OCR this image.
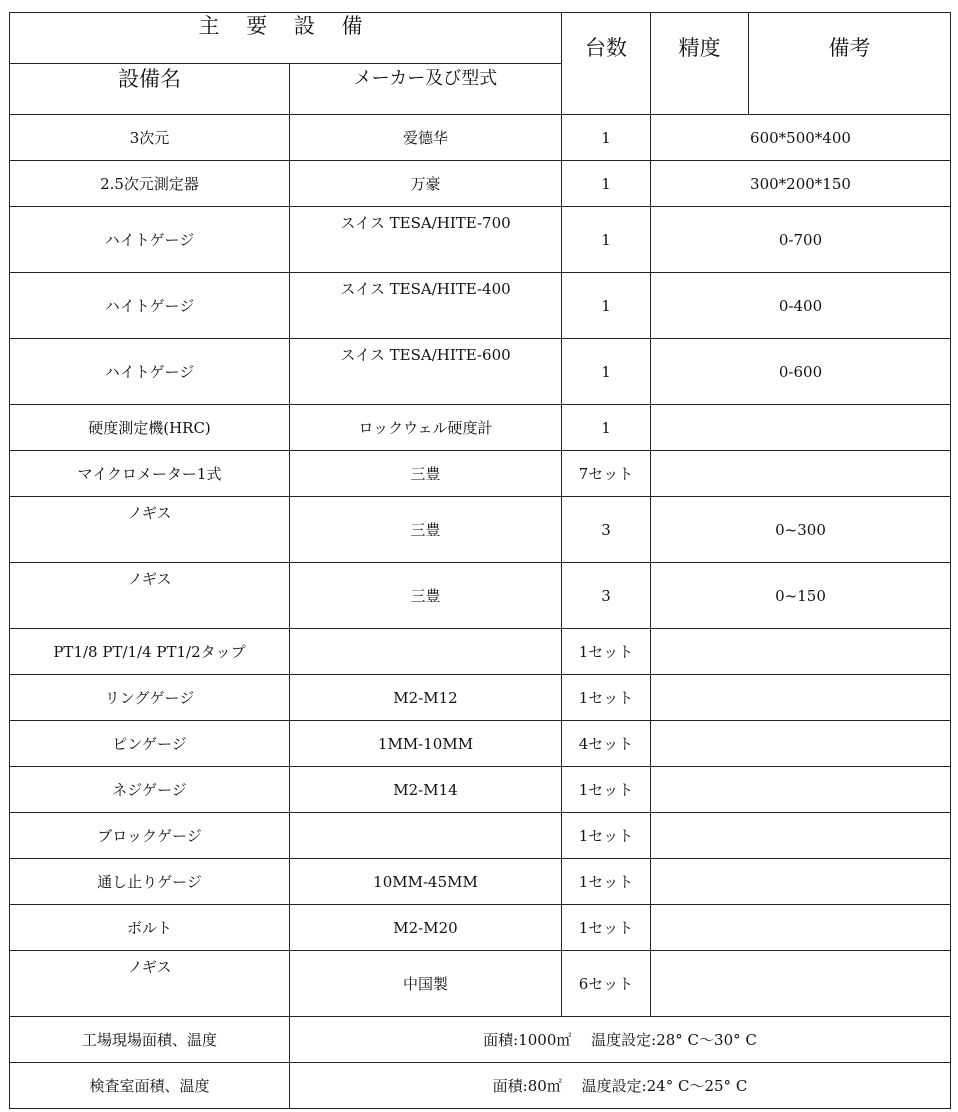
主 要 設 備		台数	精度	備考
設備名	メーカー及び型式			
3次元	爱德华	1	600*500*400	
2.5次元測定器	万豪	1	300*200*150	
ハイトゲージ	スイス TESA/HITE-700	1	0-700	
ハイトゲージ	スイス TESA/HITE-400	1	0-400	
ハイトゲージ	スイス TESA/HITE-600	1	0-600	
硬度測定機(HRC)	ロックウェル硬度計	1		
マイクロメーター1式	三豊	7セット		
ノギス	三豊	3	0~300	
ノギス	三豊	3	0~150	
PT1/8 PT/1/4 PT1/2タップ		1セット		
リングゲージ	M2-M12	1セット		
ピンゲージ	1MM-10MM	4セット		
ネジゲージ	M2-M14	1セット		
ブロックゲージ		1セット		
通し止りゲージ	10MM-45MM	1セット		
ボルト	M2-M20	1セット		
ノギス	中国製	6セット		
工場現場面積、温度	面積:1000㎡　 温度設定:28° C～30° C			
検査室面積、温度	面積:80㎡　 温度設定:24° C～25° C			
